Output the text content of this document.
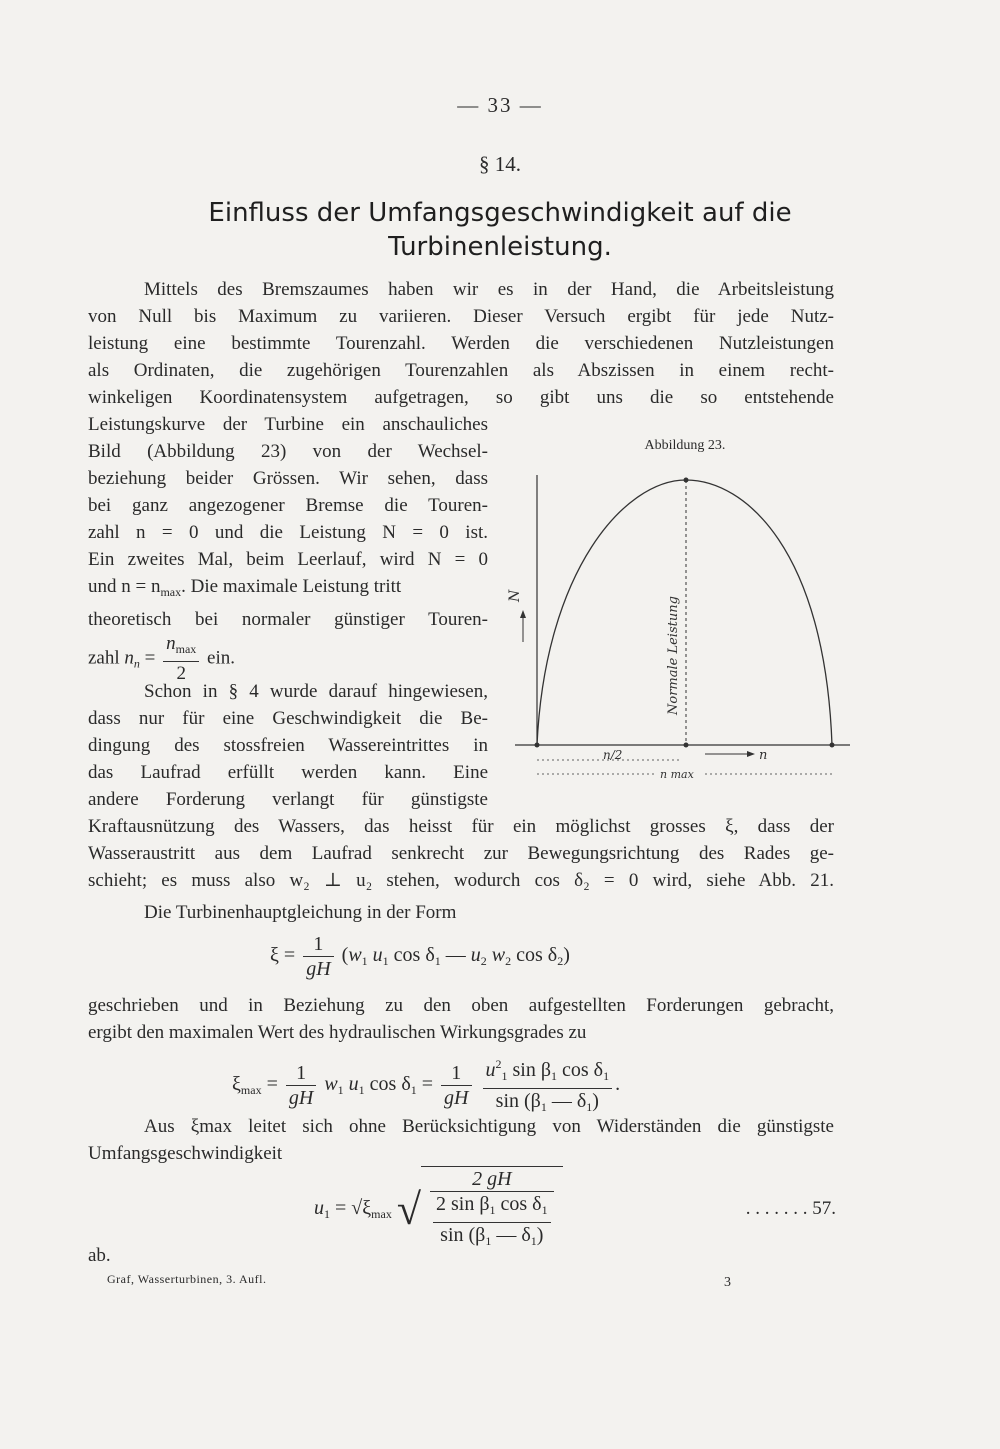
— 33 —
§ 14.
Einfluss der Umfangsgeschwindigkeit auf die
Turbinenleistung.
Mittels des Bremszaumes haben wir es in der Hand, die Arbeitsleistung
von Null bis Maximum zu variieren. Dieser Versuch ergibt für jede Nutz-
leistung eine bestimmte Tourenzahl. Werden die verschiedenen Nutzleistungen
als Ordinaten, die zugehörigen Tourenzahlen als Abszissen in einem recht-
winkeligen Koordinatensystem aufgetragen, so gibt uns die so entstehende
Leistungskurve der Turbine ein anschauliches
Bild (Abbildung 23) von der Wechsel-
beziehung beider Grössen. Wir sehen, dass
bei ganz angezogener Bremse die Touren-
zahl n = 0 und die Leistung N = 0 ist.
Ein zweites Mal, beim Leerlauf, wird N = 0
und $n = n_{max}$. Die maximale Leistung tritt
theoretisch bei normaler günstiger Touren-
zahl $n_n = \frac{n_{max}}{2}$ ein.
Schon in § 4 wurde darauf hingewiesen,
dass nur für eine Geschwindigkeit die Be-
dingung des stossfreien Wassereintrittes in
das Laufrad erfüllt werden kann. Eine
andere Forderung verlangt für günstigste
Kraftausnützung des Wassers, das heisst für ein möglichst grosses ξ, dass der
Wasseraustritt aus dem Laufrad senkrecht zur Bewegungsrichtung des Rades ge-
schieht; es muss also w₂ ⊥ u₂ stehen, wodurch cos δ₂ = 0 wird, siehe Abb. 21.
Die Turbinenhauptgleichung in der Form
$\xi = \frac{1}{gH} (w_1$ $u_1$ $\cos \delta_1$ — $u_2$ $w_2$ $\cos \delta_2$)
geschrieben und in Beziehung zu den oben aufgestellten Forderungen gebracht,
ergibt den maximalen Wert des hydraulischen Wirkungsgrades zu
$\xi_{max} = \frac{1}{gH} w_1$ $u_1$ $\cos \delta_1 = \frac{1}{gH}$
$\frac{u^2_1 \sin \beta_1 \cos \delta_1}{\sin (\beta_1 — \delta_1)}$ .
Aus ξmax leitet sich ohne Berücksichtigung von Widerständen die günstigste
Umfangsgeschwindigkeit
$u_1 = √\xi_{max}$ √ $\frac{2 gH}{\frac{2 \sin \beta_1 \cos \delta_1}{\sin (\beta_1 — \delta_1)}}$	. . . . . . . 57.
ab.
Abbildung 23.
N
Normale Leistung
n/2	n
n max
Graf, Wasserturbinen, 3. Aufl.	3
